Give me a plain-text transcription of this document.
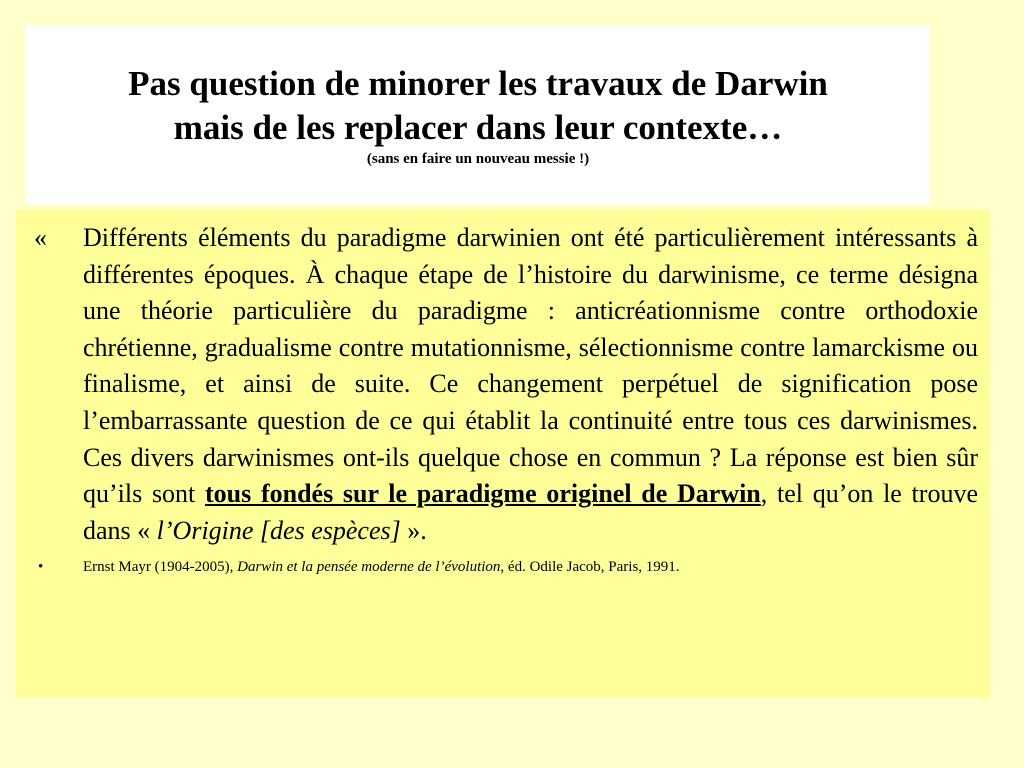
Pas question de minorer les travaux de Darwin
mais de les replacer dans leur contexte…
(sans en faire un nouveau messie !)

« Différents éléments du paradigme darwinien ont été particulièrement intéressants à différentes époques. À chaque étape de l’histoire du darwinisme, ce terme désigna une théorie particulière du paradigme : anticréationnisme contre orthodoxie chrétienne, gradualisme contre mutationnisme, sélectionnisme contre lamarckisme ou finalisme, et ainsi de suite. Ce changement perpétuel de signification pose l’embarrassante question de ce qui établit la continuité entre tous ces darwinismes. Ces divers darwinismes ont-ils quelque chose en commun ? La réponse est bien sûr qu’ils sont tous fondés sur le paradigme originel de Darwin, tel qu’on le trouve dans « l’Origine [des espèces] ».

•	Ernst Mayr (1904-2005), Darwin et la pensée moderne de l’évolution, éd. Odile Jacob, Paris, 1991.
